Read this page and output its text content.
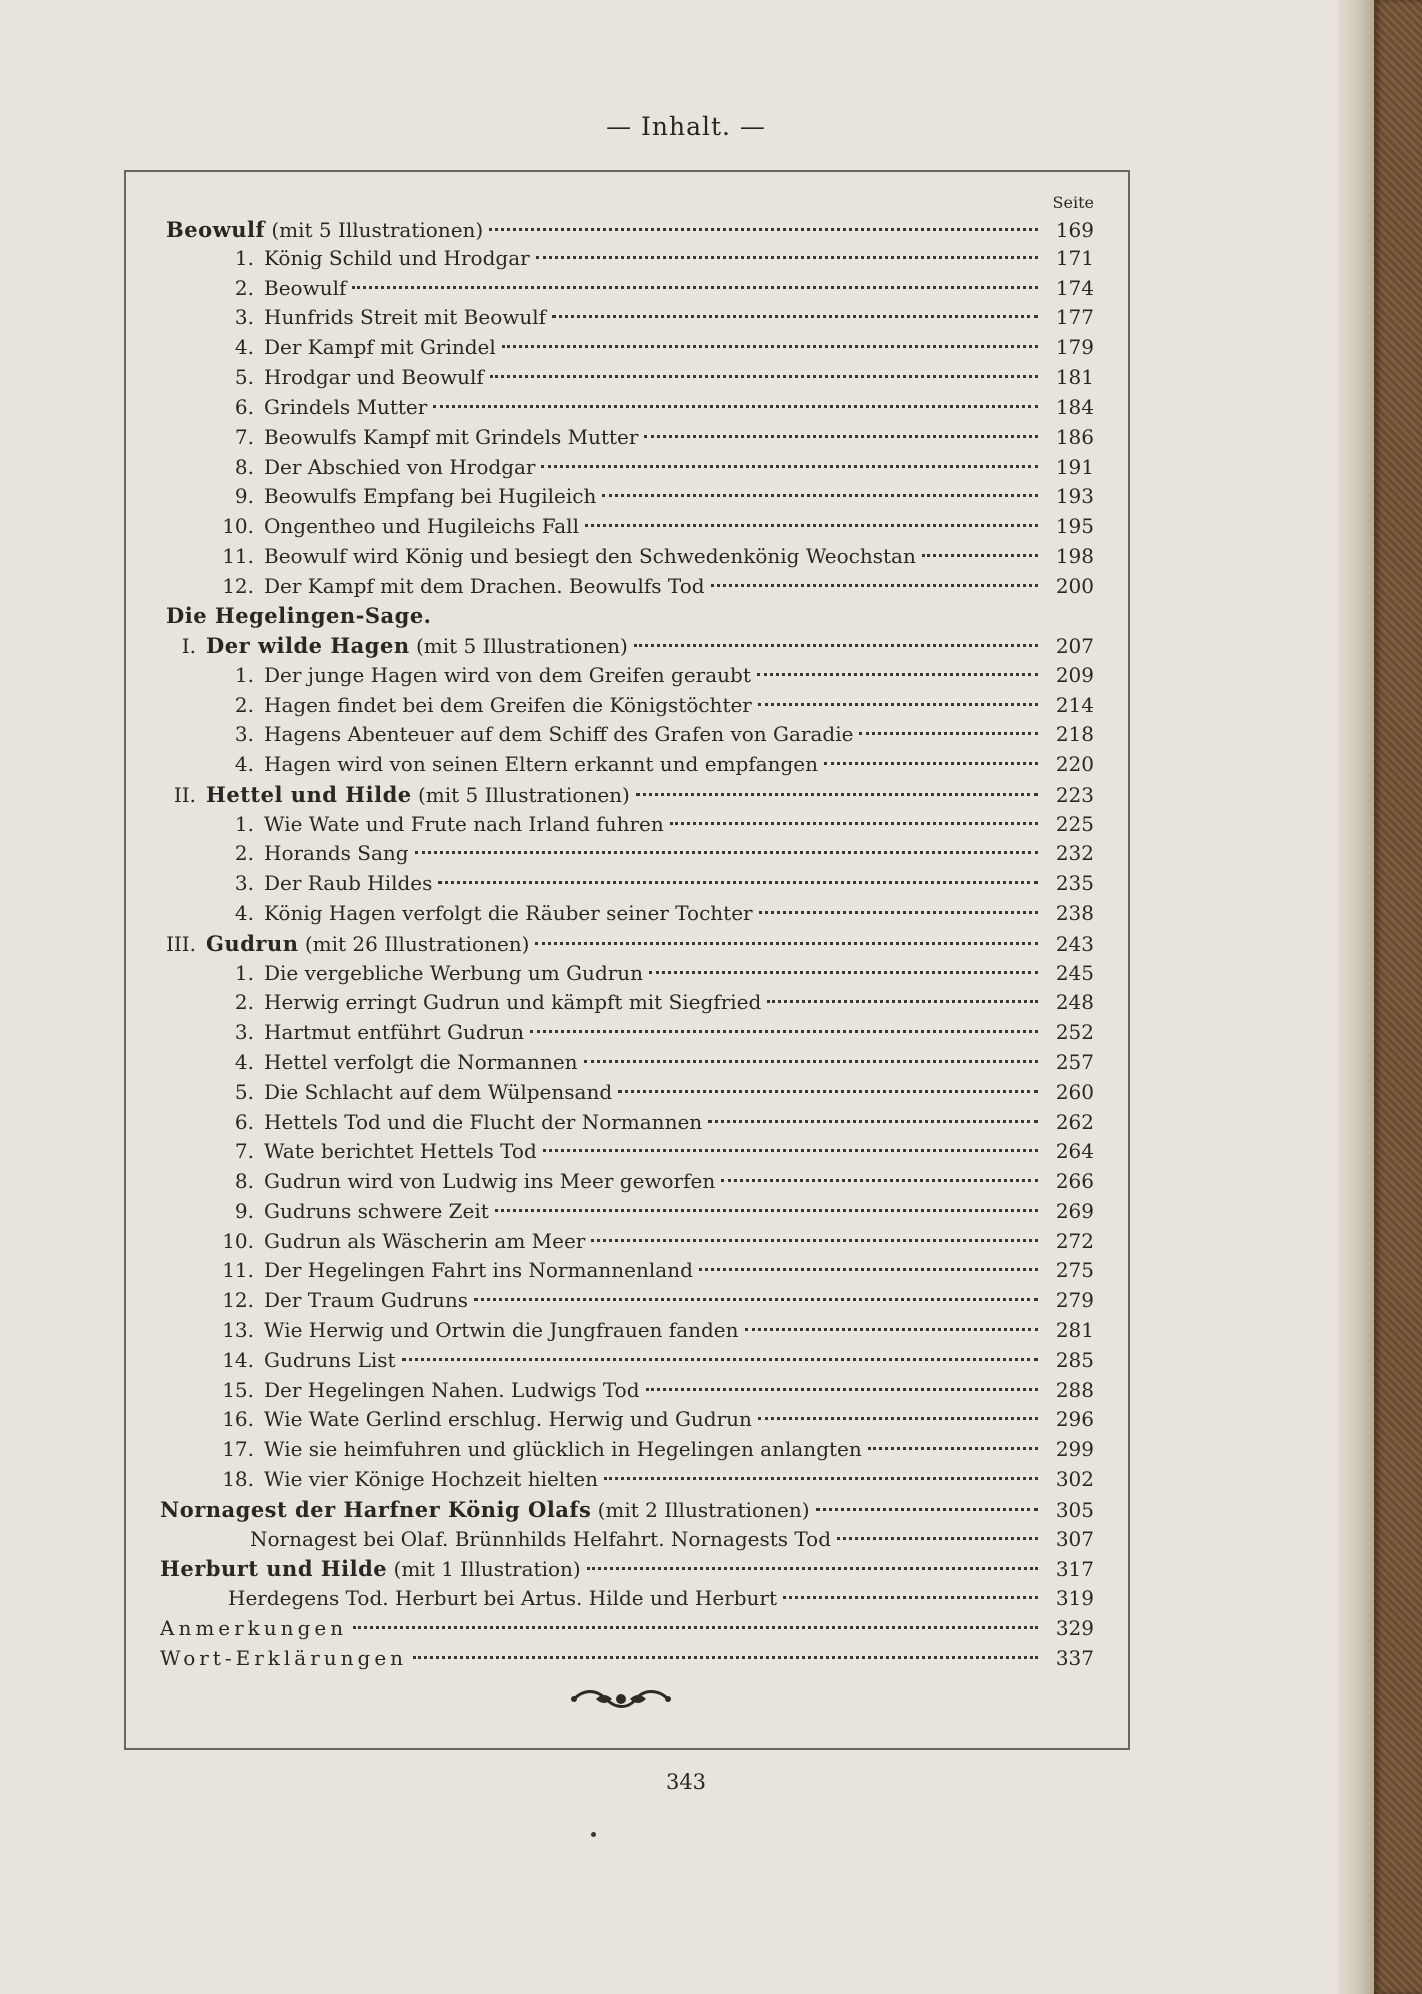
— Inhalt. —
Seite
Beowulf (mit 5 Illustrationen)	169
1. König Schild und Hrodgar	171
2. Beowulf	174
3. Hunfrids Streit mit Beowulf	177
4. Der Kampf mit Grindel	179
5. Hrodgar und Beowulf	181
6. Grindels Mutter	184
7. Beowulfs Kampf mit Grindels Mutter	186
8. Der Abschied von Hrodgar	191
9. Beowulfs Empfang bei Hugileich	193
10. Ongentheo und Hugileichs Fall	195
11. Beowulf wird König und besiegt den Schwedenkönig Weochstan	198
12. Der Kampf mit dem Drachen. Beowulfs Tod	200
Die Hegelingen-Sage.
I. Der wilde Hagen (mit 5 Illustrationen)	207
1. Der junge Hagen wird von dem Greifen geraubt	209
2. Hagen findet bei dem Greifen die Königstöchter	214
3. Hagens Abenteuer auf dem Schiff des Grafen von Garadie	218
4. Hagen wird von seinen Eltern erkannt und empfangen	220
II. Hettel und Hilde (mit 5 Illustrationen)	223
1. Wie Wate und Frute nach Irland fuhren	225
2. Horands Sang	232
3. Der Raub Hildes	235
4. König Hagen verfolgt die Räuber seiner Tochter	238
III. Gudrun (mit 26 Illustrationen)	243
1. Die vergebliche Werbung um Gudrun	245
2. Herwig erringt Gudrun und kämpft mit Siegfried	248
3. Hartmut entführt Gudrun	252
4. Hettel verfolgt die Normannen	257
5. Die Schlacht auf dem Wülpensand	260
6. Hettels Tod und die Flucht der Normannen	262
7. Wate berichtet Hettels Tod	264
8. Gudrun wird von Ludwig ins Meer geworfen	266
9. Gudruns schwere Zeit	269
10. Gudrun als Wäscherin am Meer	272
11. Der Hegelingen Fahrt ins Normannenland	275
12. Der Traum Gudruns	279
13. Wie Herwig und Ortwin die Jungfrauen fanden	281
14. Gudruns List	285
15. Der Hegelingen Nahen. Ludwigs Tod	288
16. Wie Wate Gerlind erschlug. Herwig und Gudrun	296
17. Wie sie heimfuhren und glücklich in Hegelingen anlangten	299
18. Wie vier Könige Hochzeit hielten	302
Nornagest der Harfner König Olafs (mit 2 Illustrationen)	305
Nornagest bei Olaf. Brünnhilds Helfahrt. Nornagests Tod	307
Herburt und Hilde (mit 1 Illustration)	317
Herdegens Tod. Herburt bei Artus. Hilde und Herburt	319
Anmerkungen	329
Wort-Erklärungen	337
343
